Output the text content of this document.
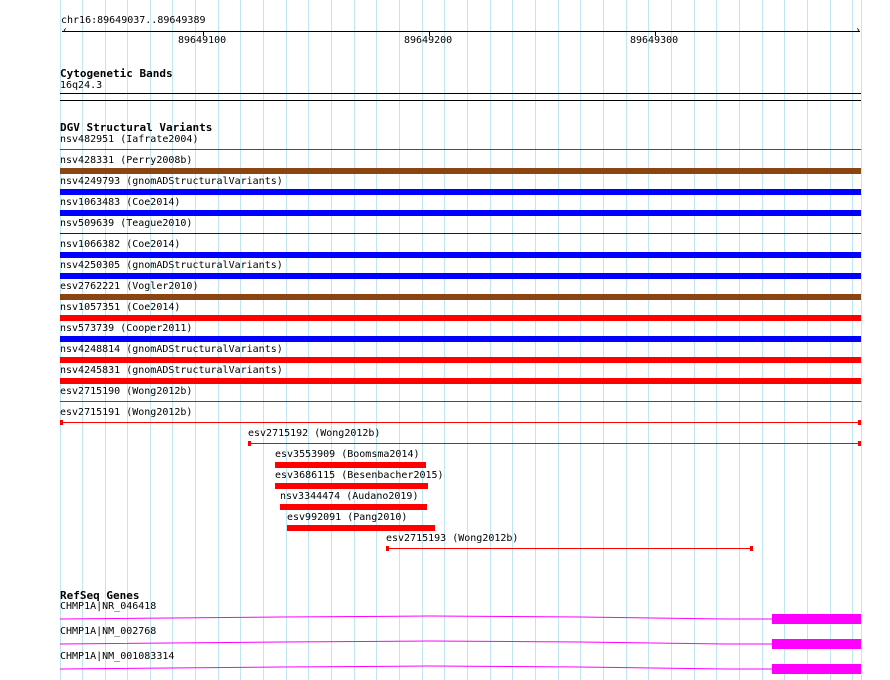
chr16:89649037..89649389
‹	›
89649100	89649200	89649300
Cytogenetic Bands
16q24.3
DGV Structural Variants
nsv482951 (Iafrate2004)
nsv428331 (Perry2008b)
nsv4249793 (gnomADStructuralVariants)
nsv1063483 (Coe2014)
nsv509639 (Teague2010)
nsv1066382 (Coe2014)
nsv4250305 (gnomADStructuralVariants)
esv2762221 (Vogler2010)
nsv1057351 (Coe2014)
nsv573739 (Cooper2011)
nsv4248814 (gnomADStructuralVariants)
nsv4245831 (gnomADStructuralVariants)
esv2715190 (Wong2012b)
esv2715191 (Wong2012b)
esv2715192 (Wong2012b)
esv3553909 (Boomsma2014)
esv3686115 (Besenbacher2015)
nsv3344474 (Audano2019)
esv992091 (Pang2010)
esv2715193 (Wong2012b)
RefSeq Genes
CHMP1A|NR_046418
CHMP1A|NM_002768
CHMP1A|NM_001083314
